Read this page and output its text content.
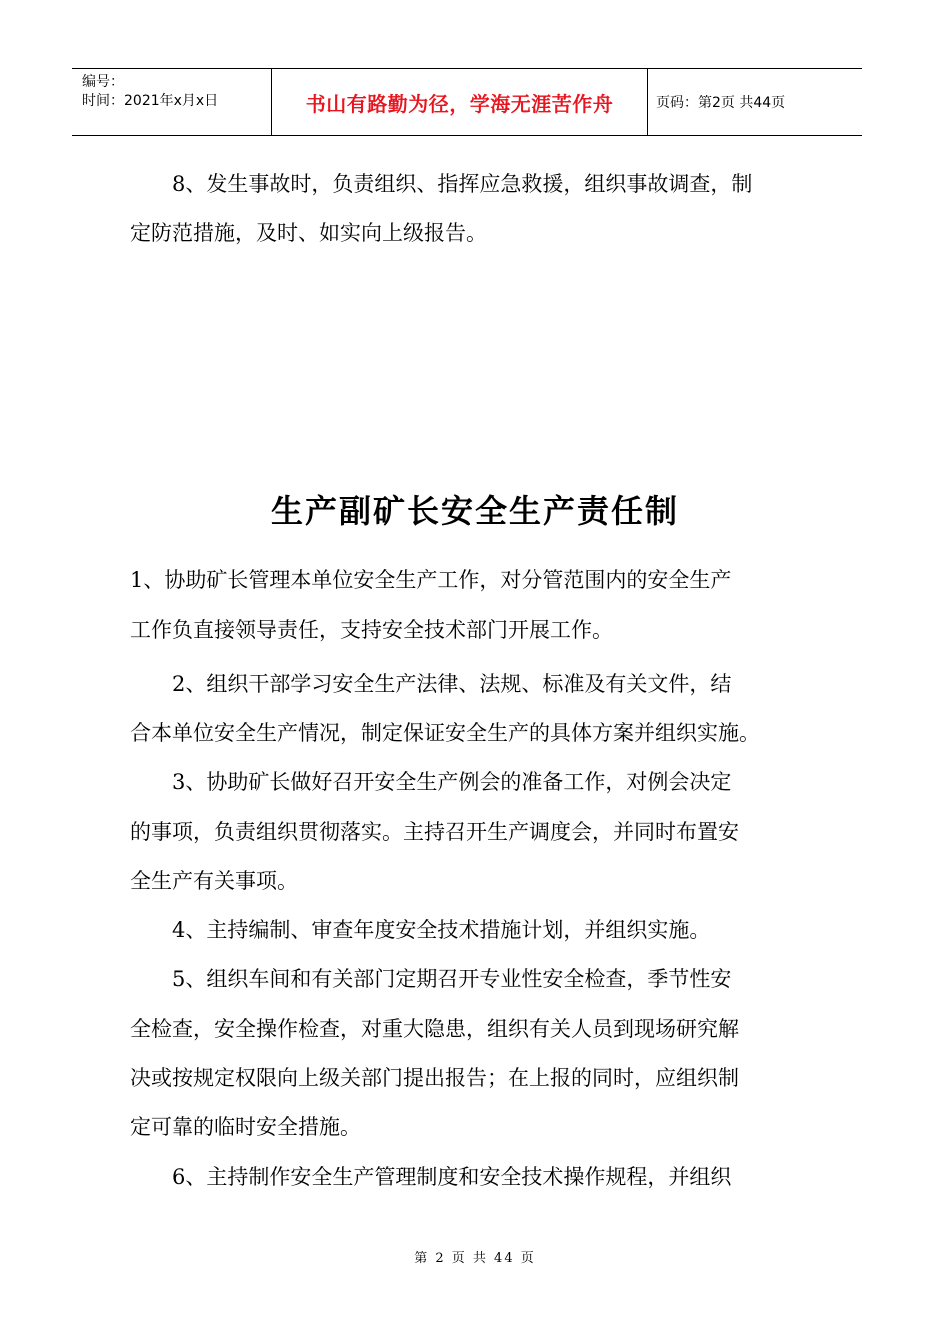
编号：
时间：2021年x月x日	书山有路勤为径，学海无涯苦作舟	页码：第2页 共44页

8、发生事故时，负责组织、指挥应急救援，组织事故调查，制

定防范措施，及时、如实向上级报告。

生产副矿长安全生产责任制

1、协助矿长管理本单位安全生产工作，对分管范围内的安全生产

工作负直接领导责任，支持安全技术部门开展工作。

2、组织干部学习安全生产法律、法规、标准及有关文件，结

合本单位安全生产情况，制定保证安全生产的具体方案并组织实施。

3、协助矿长做好召开安全生产例会的准备工作，对例会决定

的事项，负责组织贯彻落实。主持召开生产调度会，并同时布置安

全生产有关事项。

4、主持编制、审查年度安全技术措施计划，并组织实施。

5、组织车间和有关部门定期召开专业性安全检查，季节性安

全检查，安全操作检查，对重大隐患，组织有关人员到现场研究解

决或按规定权限向上级关部门提出报告；在上报的同时，应组织制

定可靠的临时安全措施。

6、主持制作安全生产管理制度和安全技术操作规程，并组织

第 2 页 共 44 页
